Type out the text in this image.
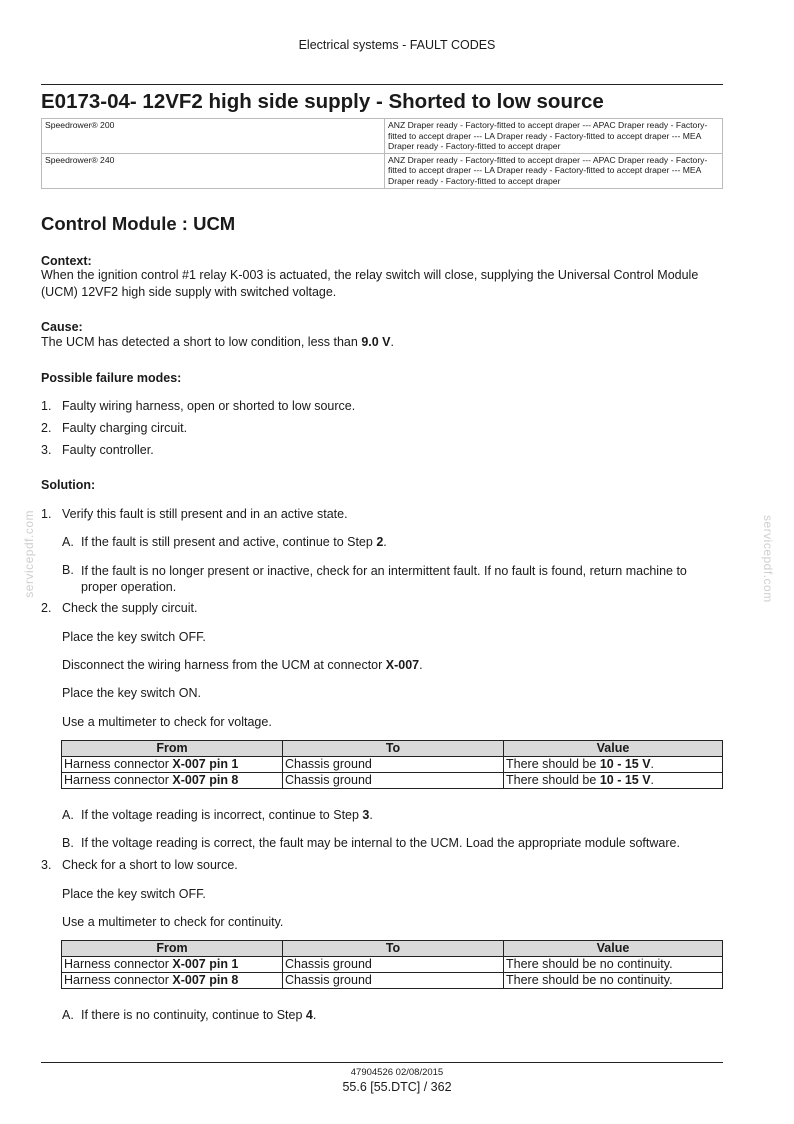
Electrical systems - FAULT CODES
E0173-04- 12VF2 high side supply - Shorted to low source
Speedrower® 200	ANZ Draper ready - Factory-fitted to accept draper --- APAC Draper ready - Factory-fitted to accept draper --- LA Draper ready - Factory-fitted to accept draper --- MEA Draper ready - Factory-fitted to accept draper
Speedrower® 240	ANZ Draper ready - Factory-fitted to accept draper --- APAC Draper ready - Factory-fitted to accept draper --- LA Draper ready - Factory-fitted to accept draper --- MEA Draper ready - Factory-fitted to accept draper
Control Module : UCM
Context:
When the ignition control #1 relay K-003 is actuated, the relay switch will close, supplying the Universal Control Module (UCM) 12VF2 high side supply with switched voltage.
Cause:
The UCM has detected a short to low condition, less than 9.0 V.
Possible failure modes:
1. Faulty wiring harness, open or shorted to low source.
2. Faulty charging circuit.
3. Faulty controller.
Solution:
1. Verify this fault is still present and in an active state.
A. If the fault is still present and active, continue to Step 2.
B. If the fault is no longer present or inactive, check for an intermittent fault. If no fault is found, return machine to proper operation.
2. Check the supply circuit.
Place the key switch OFF.
Disconnect the wiring harness from the UCM at connector X-007.
Place the key switch ON.
Use a multimeter to check for voltage.
From	To	Value
Harness connector X-007 pin 1	Chassis ground	There should be 10 - 15 V.
Harness connector X-007 pin 8	Chassis ground	There should be 10 - 15 V.
A. If the voltage reading is incorrect, continue to Step 3.
B. If the voltage reading is correct, the fault may be internal to the UCM. Load the appropriate module software.
3. Check for a short to low source.
Place the key switch OFF.
Use a multimeter to check for continuity.
From	To	Value
Harness connector X-007 pin 1	Chassis ground	There should be no continuity.
Harness connector X-007 pin 8	Chassis ground	There should be no continuity.
A. If there is no continuity, continue to Step 4.
servicepdf.com	servicepdf.com
47904526 02/08/2015
55.6 [55.DTC] / 362
